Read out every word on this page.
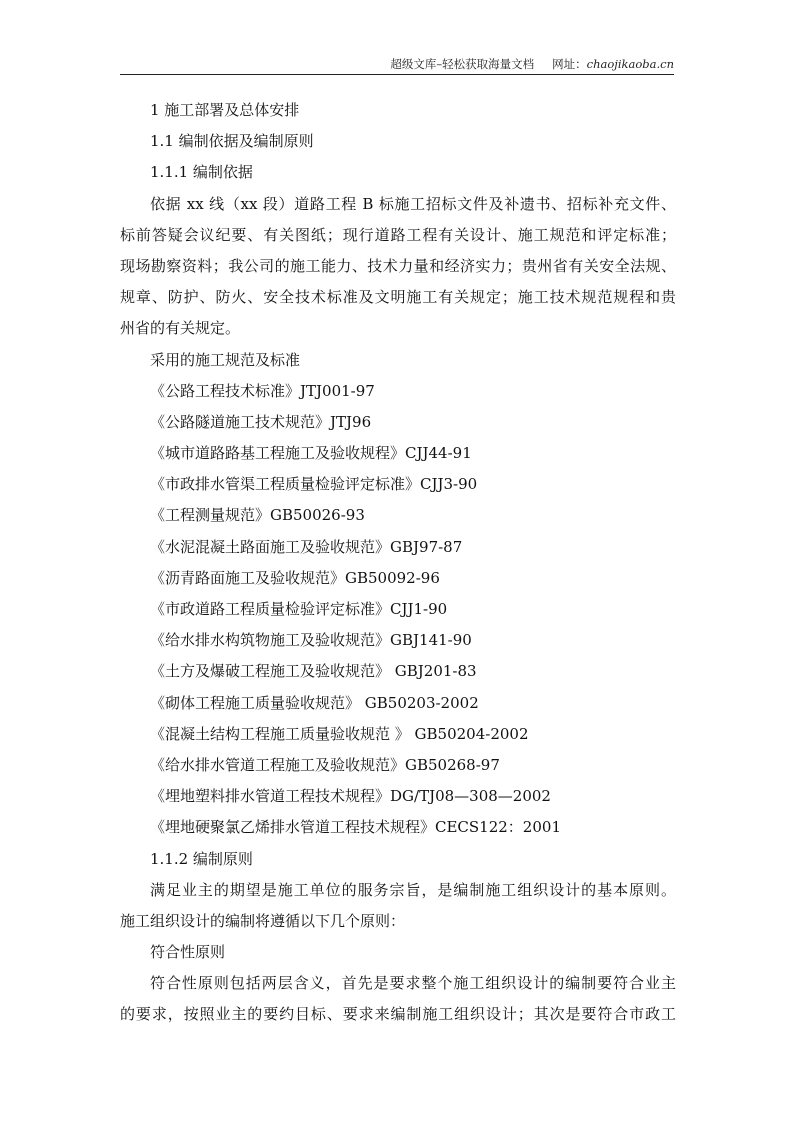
超级文库–轻松获取海量文档 网址：chaojikaoba.cn
1 施工部署及总体安排
1.1 编制依据及编制原则
1.1.1 编制依据
依据 xx 线（xx 段）道路工程 B 标施工招标文件及补遗书、招标补充文件、
标前答疑会议纪要、有关图纸；现行道路工程有关设计、施工规范和评定标准；
现场勘察资料；我公司的施工能力、技术力量和经济实力；贵州省有关安全法规、
规章、防护、防火、安全技术标准及文明施工有关规定；施工技术规范规程和贵
州省的有关规定。
采用的施工规范及标准
《公路工程技术标准》JTJ001-97
《公路隧道施工技术规范》JTJ96
《城市道路路基工程施工及验收规程》CJJ44-91
《市政排水管渠工程质量检验评定标准》CJJ3-90
《工程测量规范》GB50026-93
《水泥混凝土路面施工及验收规范》GBJ97-87
《沥青路面施工及验收规范》GB50092-96
《市政道路工程质量检验评定标准》CJJ1-90
《给水排水构筑物施工及验收规范》GBJ141-90
《土方及爆破工程施工及验收规范》 GBJ201-83
《砌体工程施工质量验收规范》 GB50203-2002
《混凝土结构工程施工质量验收规范 》 GB50204-2002
《给水排水管道工程施工及验收规范》GB50268-97
《埋地塑料排水管道工程技术规程》DG/TJ08—308—2002
《埋地硬聚氯乙烯排水管道工程技术规程》CECS122：2001
1.1.2 编制原则
满足业主的期望是施工单位的服务宗旨，是编制施工组织设计的基本原则。
施工组织设计的编制将遵循以下几个原则：
符合性原则
符合性原则包括两层含义，首先是要求整个施工组织设计的编制要符合业主
的要求，按照业主的要约目标、要求来编制施工组织设计；其次是要符合市政工
